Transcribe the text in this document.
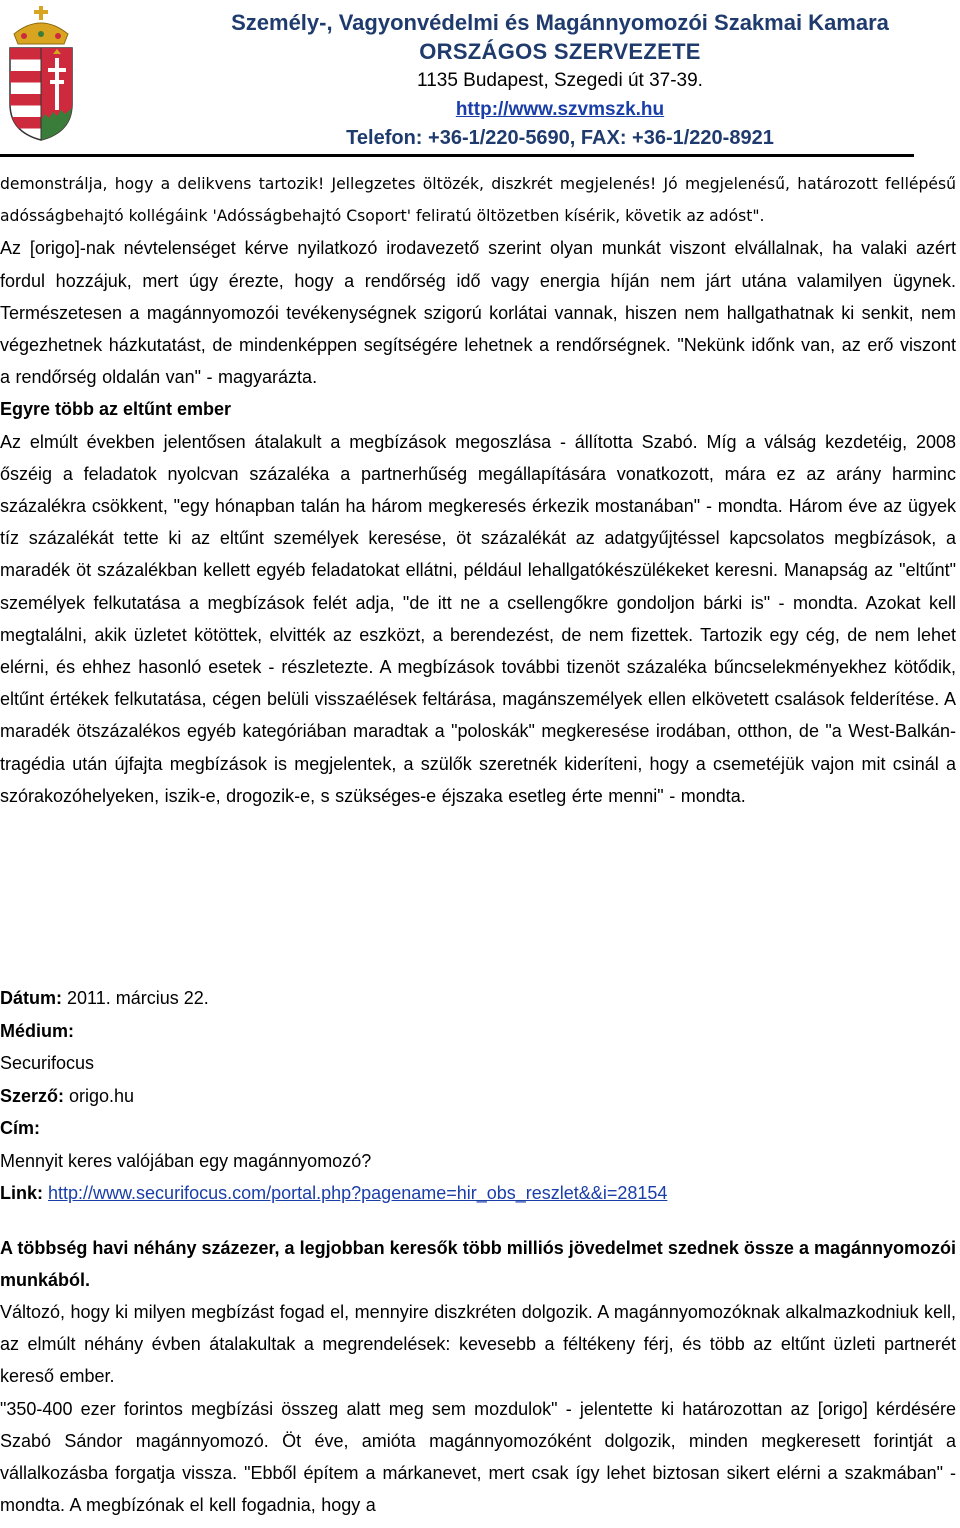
Személy-, Vagyonvédelmi és Magánnyomozói Szakmai Kamara
ORSZÁGOS SZERVEZETE
1135 Budapest, Szegedi út 37-39.
http://www.szvmszk.hu
Telefon: +36-1/220-5690, FAX: +36-1/220-8921

demonstrálja, hogy a delikvens tartozik! Jellegzetes öltözék, diszkrét megjelenés! Jó megjelenésű, határozott fellépésű adósságbehajtó kollégáink 'Adósságbehajtó Csoport' feliratú öltözetben kísérik, követik az adóst".

Az [origo]-nak névtelenséget kérve nyilatkozó irodavezető szerint olyan munkát viszont elvállalnak, ha valaki azért fordul hozzájuk, mert úgy érezte, hogy a rendőrség idő vagy energia híján nem járt utána valamilyen ügynek. Természetesen a magánnyomozói tevékenységnek szigorú korlátai vannak, hiszen nem hallgathatnak ki senkit, nem végezhetnek házkutatást, de mindenképpen segítségére lehetnek a rendőrségnek. "Nekünk időnk van, az erő viszont a rendőrség oldalán van" - magyarázta.

Egyre több az eltűnt ember

Az elmúlt években jelentősen átalakult a megbízások megoszlása - állította Szabó. Míg a válság kezdetéig, 2008 őszéig a feladatok nyolcvan százaléka a partnerhűség megállapítására vonatkozott, mára ez az arány harminc százalékra csökkent, "egy hónapban talán ha három megkeresés érkezik mostanában" - mondta. Három éve az ügyek tíz százalékát tette ki az eltűnt személyek keresése, öt százalékát az adatgyűjtéssel kapcsolatos megbízások, a maradék öt százalékban kellett egyéb feladatokat ellátni, például lehallgatókészülékeket keresni. Manapság az "eltűnt" személyek felkutatása a megbízások felét adja, "de itt ne a csellengőkre gondoljon bárki is" - mondta. Azokat kell megtalálni, akik üzletet kötöttek, elvitték az eszközt, a berendezést, de nem fizettek. Tartozik egy cég, de nem lehet elérni, és ehhez hasonló esetek - részletezte. A megbízások további tizenöt százaléka bűncselekményekhez kötődik, eltűnt értékek felkutatása, cégen belüli visszaélések feltárása, magánszemélyek ellen elkövetett csalások felderítése. A maradék ötszázalékos egyéb kategóriában maradtak a "poloskák" megkeresése irodában, otthon, de "a West-Balkán-tragédia után újfajta megbízások is megjelentek, a szülők szeretnék kideríteni, hogy a csemetéjük vajon mit csinál a szórakozóhelyeken, iszik-e, drogozik-e, s szükséges-e éjszaka esetleg érte menni" - mondta.

Dátum: 2011. március 22.
Médium:
Securifocus
Szerző: origo.hu
Cím:
Mennyit keres valójában egy magánnyomozó?
Link: http://www.securifocus.com/portal.php?pagename=hir_obs_reszlet&&i=28154

A többség havi néhány százezer, a legjobban keresők több milliós jövedelmet szednek össze a magánnyomozói munkából.

Változó, hogy ki milyen megbízást fogad el, mennyire diszkréten dolgozik. A magánnyomozóknak alkalmazkodniuk kell, az elmúlt néhány évben átalakultak a megrendelések: kevesebb a féltékeny férj, és több az eltűnt üzleti partnerét kereső ember.

"350-400 ezer forintos megbízási összeg alatt meg sem mozdulok" - jelentette ki határozottan az [origo] kérdésére Szabó Sándor magánnyomozó. Öt éve, amióta magánnyomozóként dolgozik, minden megkeresett forintját a vállalkozásba forgatja vissza. "Ebből építem a márkanevet, mert csak így lehet biztosan sikert elérni a szakmában" - mondta. A megbízónak el kell fogadnia, hogy a
